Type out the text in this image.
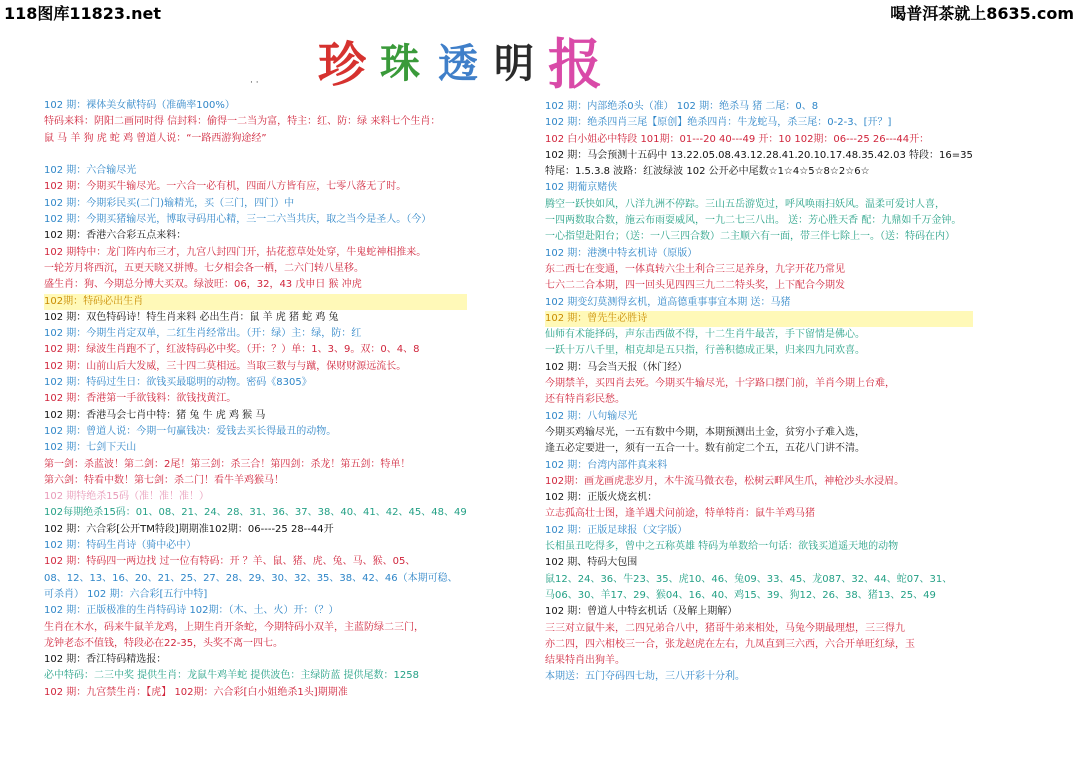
118图库11823.net	喝普洱茶就上8635.com
珍 珠 透 明 报
· ·
102 期：裸体美女献特码（准确率100%）
特码来料：阴阳二画同时得 信封料：偷得一二当为富，特主：红、防：绿 来料七个生肖：
鼠 马 羊 狗 虎 蛇 鸡 曾道人说：“一路西游狗途经”
102 期：六合输尽光
102 期：今期买牛输尽光。一六合一必有机，四面八方皆有应，七零八落无了时。
102 期：今期彩民买(二门)输精光，买（三门，四门）中
102 期：今期买猪输尽光，博取寻码用心精，三一二六当共庆，取之当今是圣人。（今）
102 期：香港六合彩五点来料：
102 期特中：龙门阵内布三才，九宫八封四门开，拈花惹草处处穿，牛鬼蛇神相推来。
一轮芳月将西沉，五更天晓又拼博。七夕相会各一栖，二六门转八星移。
盛生肖：狗、今期总分博大买双。绿波旺：06，32，43 戊申日 猴 冲虎
102期：特码必出生肖
102 期：双色特码诗！特生肖来料 必出生肖：鼠 羊 虎 猪 蛇 鸡 兔
102 期：今期生肖定双单，二红生肖经常出。（开：绿）主：绿，防：红
102 期：绿波生肖跑不了，红波特码必中奖。（开：？）单：1、3、9。双：0、4、8
102 期：山前山后大发威，三十四二莫相远。当取三数与与蹴，保财财源远流长。
102 期：特码过生日：欲钱买最聪明的动物。密码《8305》
102 期：香港第一手欲钱料：欲钱找黄江。
102 期：香港马会七肖中特：猪 兔 牛 虎 鸡 猴 马
102 期：曾道人说：今期一句赢钱决：爱钱去买长得最丑的动物。
102 期：七剑下天山
第一剑：杀蓝波！第二剑：2尾！第三剑：杀三合！第四剑：杀龙！第五剑：特单！
第六剑：特看中数！第七剑：杀二门！看牛羊鸡猴马！
102 期特绝杀15码（准！准！准！）
102每期绝杀15码：01、08、21、24、28、31、36、37、38、40、41、42、45、48、49
102 期：六合彩[公开TM特段]期期准102期：06----25 28--44开
102 期：特码生肖诗（骑中必中）
102 期：特码四一两边找 过一位有特码：开 ？羊、鼠、猪、虎、兔、马、猴、05、
08、12、13、16、20、21、25、27、28、29、30、32、35、38、42、46（本期可稳、
可杀肖） 102 期：六合彩[五行中特]
102 期：正版极准的生肖特码诗 102期：（木、土、火）开：（？）
生肖在木水，码来牛鼠羊龙鸡，上期生肖开条蛇，今期特码小双羊，主蓝防绿二三门，
龙钟老态不值钱，特段必在22-35，头奖不离一四七。
102 期：香江特码精选报：
必中特码：二三中奖 提供生肖：龙鼠牛鸡羊蛇 提供波色：主绿防蓝 提供尾数：1258
102 期：九宫禁生肖：【虎】 102期：六合彩[白小姐绝杀1头]期期准
102 期：内部绝杀0头（准） 102 期：绝杀马 猪 二尾：0、8
102 期：绝杀四肖三尾【原创】绝杀四肖：牛龙蛇马，杀三尾：0-2-3、[开？]
102 白小姐必中特段 101期：01---20 40---49 开：10 102期：06---25 26---44开：
102 期：马会预测十五码中 13.22.05.08.43.12.28.41.20.10.17.48.35.42.03 特段：16=35
特尾：1.5.3.8 波路：红波绿波 102 公开必中尾数☆1☆4☆5☆8☆2☆6☆
102 期葡京赌侠
腾空一跃快如风，八洋九洲不停踪。三山五岳游览过，呼风唤雨扫妖风。温柔可爱讨人喜，
一四两数取合数，施云布雨耍威风，一九二七三八出。 送：芳心胜天香 配：九鼎如千万金钟。
一心指望赴阳台；（送：一八三四合数）二主顺六有一面，带三伴七除上一。（送：特码在内）
102 期：港澳中特玄机诗（原版）
东二西七在变通，一体真转六尘土利合三三足养身，九字开花乃常见
七六二二合本期，四一回头见四四三九二二特头奖，上下配合今期发
102 期变幻莫测得玄机，道高德重事事宜本期 送：马猪
102 期：曾先生必胜诗
仙师有术能择码，声东击西做不得，十二生肖牛最苦，手下留情是佛心。
一跃十万八千里，相克却是五只指，行善积德成正果，归来四九同欢喜。
102 期：马会当天报（休门经）
今期禁羊，买四肖去死。今期买牛输尽光，十字路口摆门前，羊肖今期上台难，
还有特肖彩民愁。
102 期：八句输尽光
今期买鸡输尽光，一五有数中今期，本期预测出土金，贫穷小子难入选，
逢五必定要进一，须有一五合一十。数有前定二个五，五花八门讲不清。
102 期：台湾内部件真来料
102期：画龙画虎悲岁月，木牛流马微衣卷，松树云畔风生爪，神枪沙头水浸眉。
102 期：正版火烧玄机：
立志孤高壮士图，逢羊遇犬问前途，特单特肖：鼠牛羊鸡马猪
102 期：正版足球报（文字版）
长相虽丑吃得多，曾中之五称英雄 特码为单数给一句话：欲钱买道遥天地的动物
102 期、特码大包围
鼠12、24、36、牛23、35、虎10、46、兔09、33、45、龙087、32、44、蛇07、31、
马06、30、羊17、29、猴04、16、40、鸡15、39、狗12、26、38、猪13、25、49
102 期：曾道人中特玄机话（及解上期解）
三三对立鼠牛来，二四兄弟合八中，猪哥牛弟来相处，马兔今期最理想，三三得九
亦二四，四六相校三一合，张龙赵虎在左右，九凤直到三六西，六合开单旺红绿，玉
结果特肖出狗羊。
本期送：五门夺码四七劫，三八开彩十分利。
